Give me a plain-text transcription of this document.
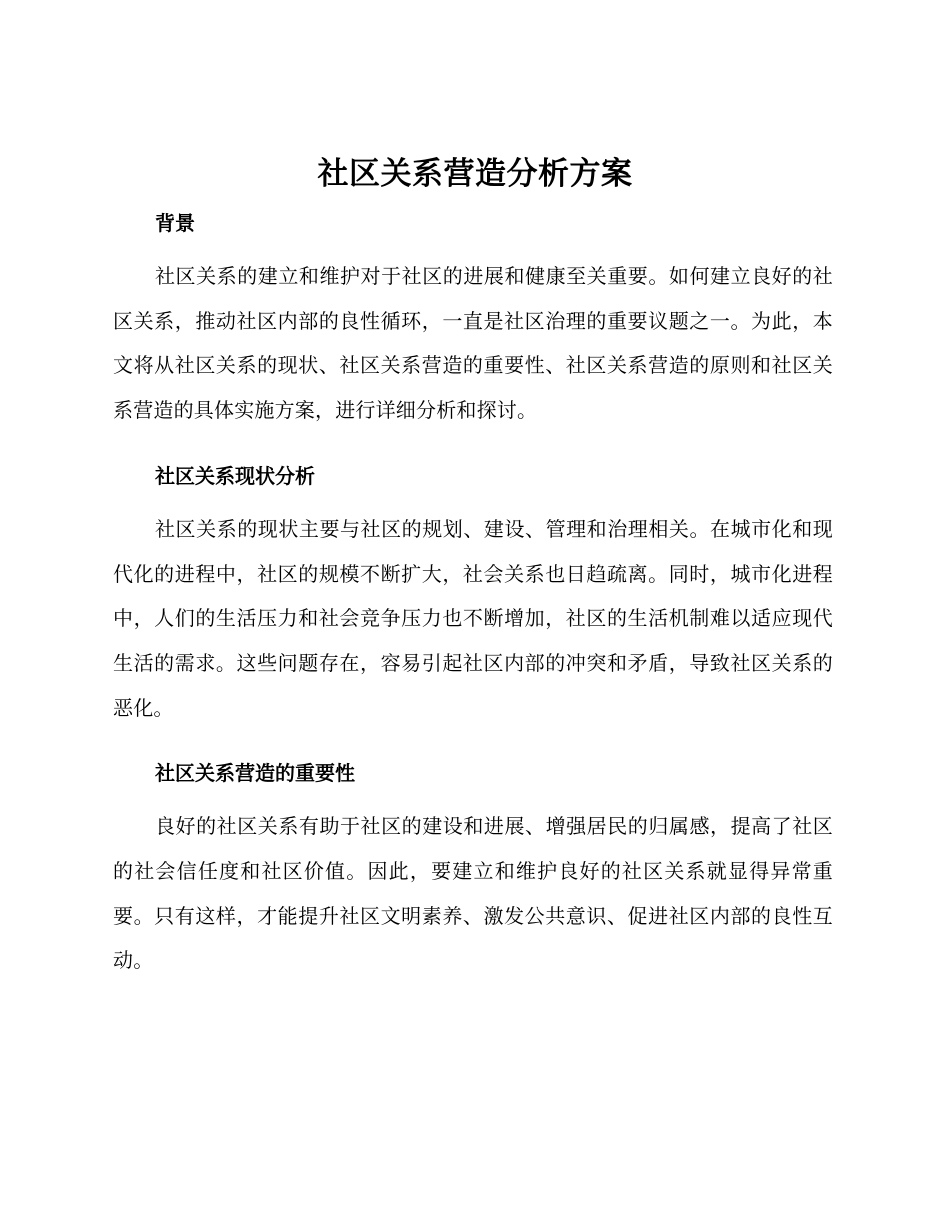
社区关系营造分析方案
背景

社区关系的建立和维护对于社区的进展和健康至关重要。如何建立良好的社区关系，推动社区内部的良性循环，一直是社区治理的重要议题之一。为此，本文将从社区关系的现状、社区关系营造的重要性、社区关系营造的原则和社区关系营造的具体实施方案，进行详细分析和探讨。

社区关系现状分析

社区关系的现状主要与社区的规划、建设、管理和治理相关。在城市化和现代化的进程中，社区的规模不断扩大，社会关系也日趋疏离。同时，城市化进程中，人们的生活压力和社会竞争压力也不断增加，社区的生活机制难以适应现代生活的需求。这些问题存在，容易引起社区内部的冲突和矛盾，导致社区关系的恶化。

社区关系营造的重要性

良好的社区关系有助于社区的建设和进展、增强居民的归属感，提高了社区的社会信任度和社区价值。因此，要建立和维护良好的社区关系就显得异常重要。只有这样，才能提升社区文明素养、激发公共意识、促进社区内部的良性互动。
